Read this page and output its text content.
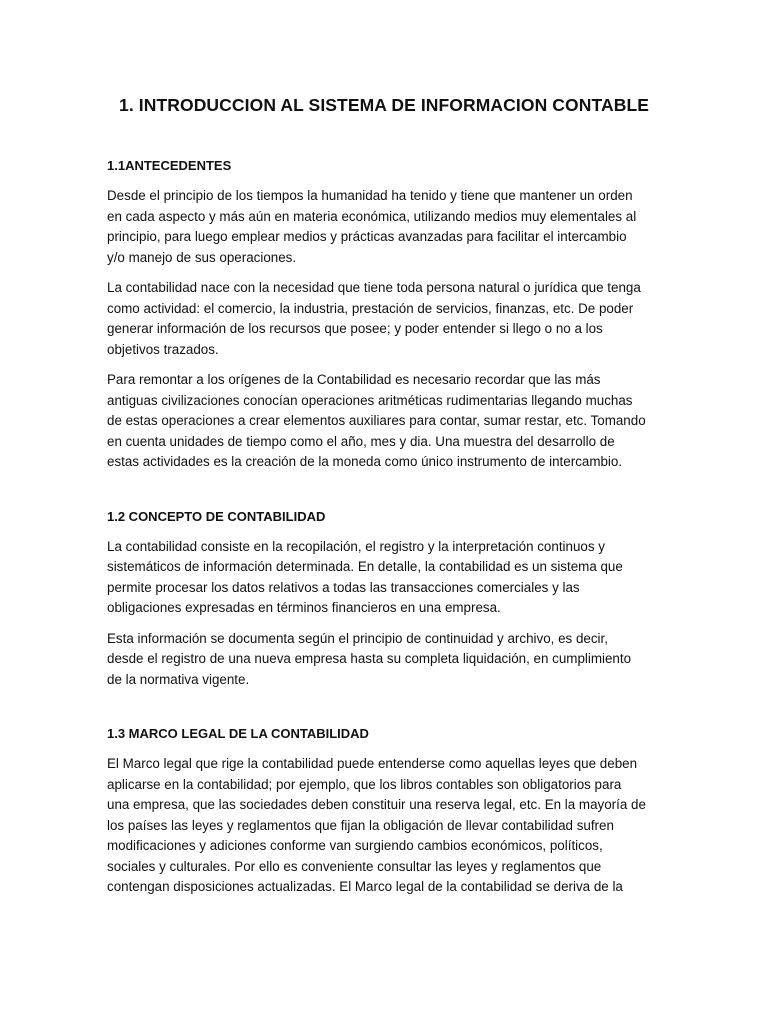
1. INTRODUCCION AL SISTEMA DE INFORMACION CONTABLE
1.1ANTECEDENTES

Desde el principio de los tiempos la humanidad ha tenido y tiene que mantener un orden
en cada aspecto y más aún en materia económica, utilizando medios muy elementales al
principio, para luego emplear medios y prácticas avanzadas para facilitar el intercambio
y/o manejo de sus operaciones.

La contabilidad nace con la necesidad que tiene toda persona natural o jurídica que tenga
como actividad: el comercio, la industria, prestación de servicios, finanzas, etc. De poder
generar información de los recursos que posee; y poder entender si llego o no a los
objetivos trazados.

Para remontar a los orígenes de la Contabilidad es necesario recordar que las más
antiguas civilizaciones conocían operaciones aritméticas rudimentarias llegando muchas
de estas operaciones a crear elementos auxiliares para contar, sumar restar, etc. Tomando
en cuenta unidades de tiempo como el año, mes y dia. Una muestra del desarrollo de
estas actividades es la creación de la moneda como único instrumento de intercambio.

1.2 CONCEPTO DE CONTABILIDAD

La contabilidad consiste en la recopilación, el registro y la interpretación continuos y
sistemáticos de información determinada. En detalle, la contabilidad es un sistema que
permite procesar los datos relativos a todas las transacciones comerciales y las
obligaciones expresadas en términos financieros en una empresa.

Esta información se documenta según el principio de continuidad y archivo, es decir,
desde el registro de una nueva empresa hasta su completa liquidación, en cumplimiento
de la normativa vigente.

1.3 MARCO LEGAL DE LA CONTABILIDAD

El Marco legal que rige la contabilidad puede entenderse como aquellas leyes que deben
aplicarse en la contabilidad; por ejemplo, que los libros contables son obligatorios para
una empresa, que las sociedades deben constituir una reserva legal, etc. En la mayoría de
los países las leyes y reglamentos que fijan la obligación de llevar contabilidad sufren
modificaciones y adiciones conforme van surgiendo cambios económicos, políticos,
sociales y culturales. Por ello es conveniente consultar las leyes y reglamentos que
contengan disposiciones actualizadas. El Marco legal de la contabilidad se deriva de la
